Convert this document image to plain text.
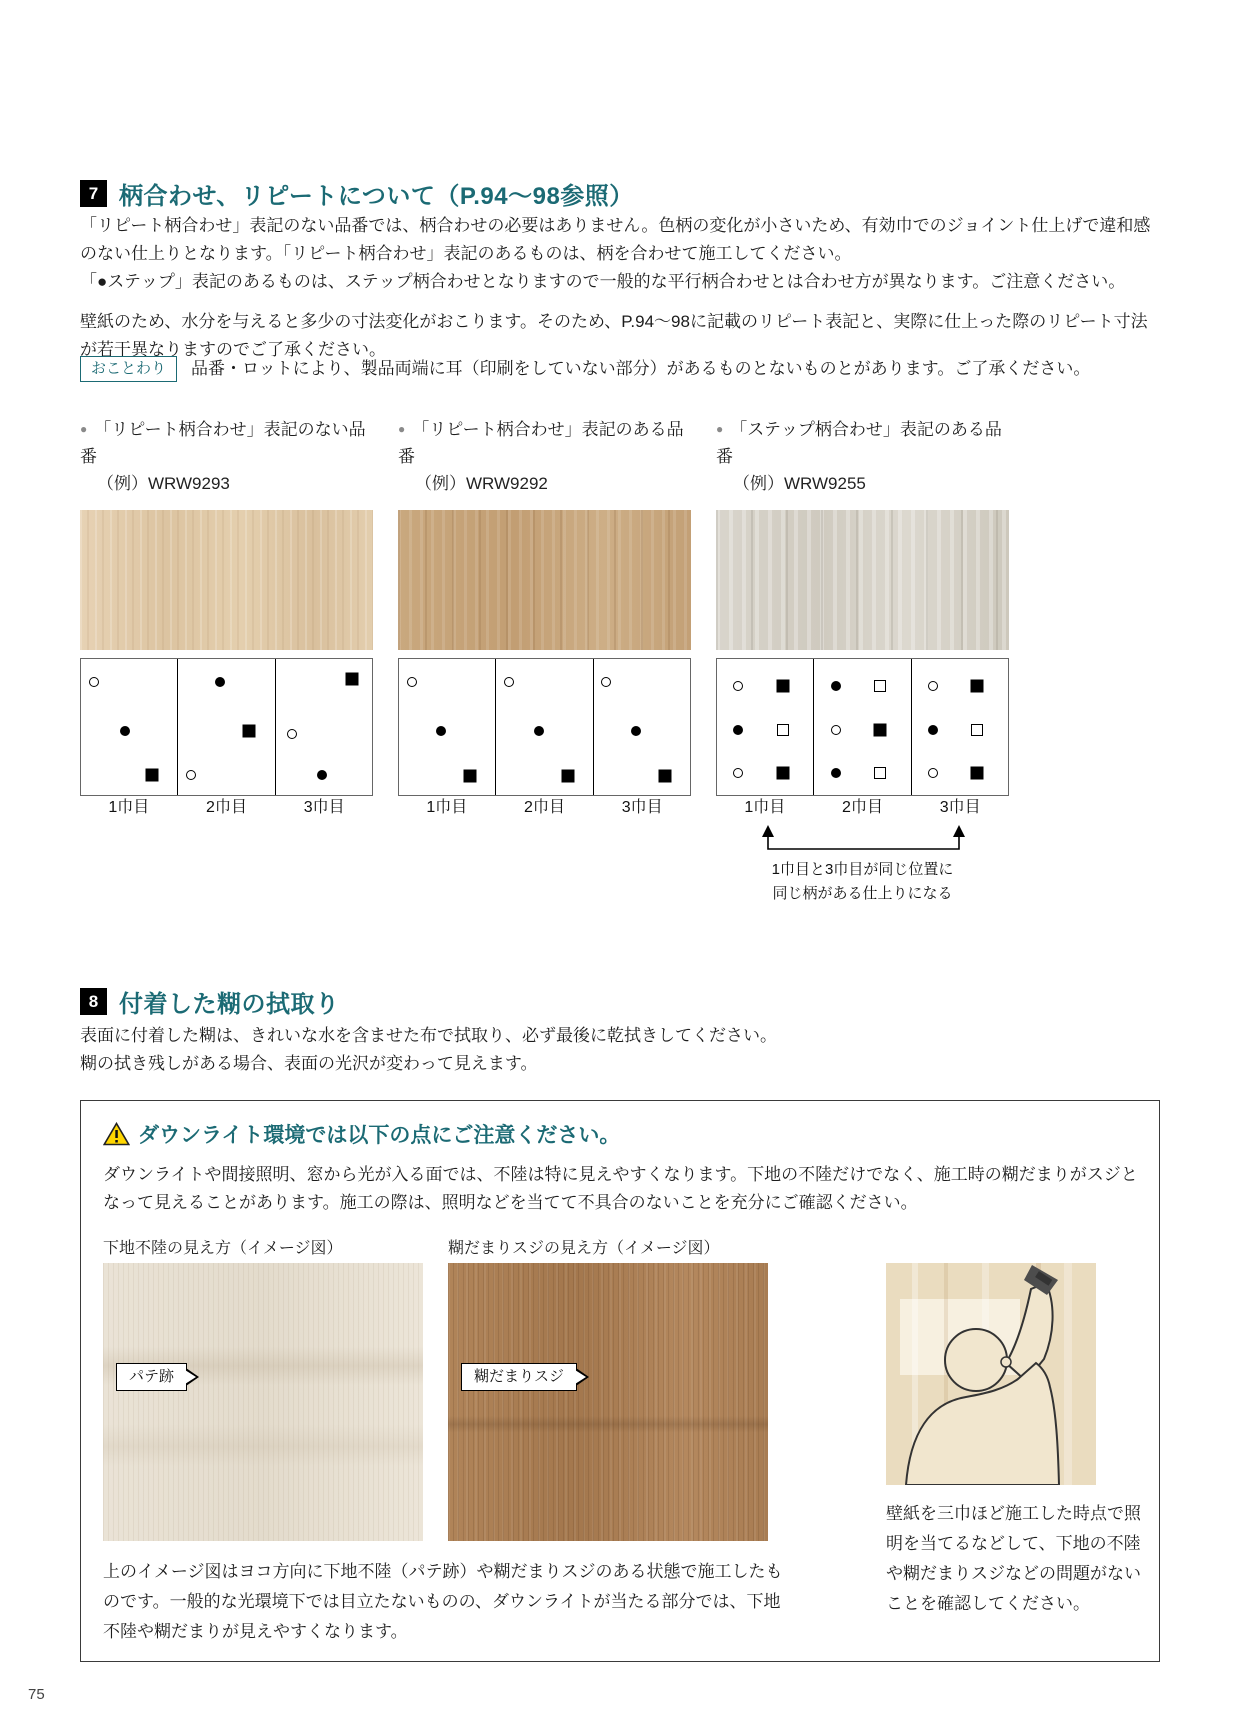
7 柄合わせ、リピートについて（P.94～98参照）
「リピート柄合わせ」表記のない品番では、柄合わせの必要はありません。色柄の変化が小さいため、有効巾でのジョイント仕上げで違和感のない仕上りとなります。「リピート柄合わせ」表記のあるものは、柄を合わせて施工してください。
「●ステップ」表記のあるものは、ステップ柄合わせとなりますので一般的な平行柄合わせとは合わせ方が異なります。ご注意ください。
壁紙のため、水分を与えると多少の寸法変化がおこります。そのため、P.94～98に記載のリピート表記と、実際に仕上った際のリピート寸法が若干異なりますのでご了承ください。
おことわり	品番・ロットにより、製品両端に耳（印刷をしていない部分）があるものとないものとがあります。ご了承ください。
● 「リピート柄合わせ」表記のない品番
（例）WRW9293
1巾目	2巾目	3巾目
● 「リピート柄合わせ」表記のある品番
（例）WRW9292
1巾目	2巾目	3巾目
● 「ステップ柄合わせ」表記のある品番
（例）WRW9255
1巾目	2巾目	3巾目
1巾目と3巾目が同じ位置に
同じ柄がある仕上りになる
8 付着した糊の拭取り
表面に付着した糊は、きれいな水を含ませた布で拭取り、必ず最後に乾拭きしてください。
糊の拭き残しがある場合、表面の光沢が変わって見えます。
ダウンライト環境では以下の点にご注意ください。
ダウンライトや間接照明、窓から光が入る面では、不陸は特に見えやすくなります。下地の不陸だけでなく、施工時の糊だまりがスジとなって見えることがあります。施工の際は、照明などを当てて不具合のないことを充分にご確認ください。
下地不陸の見え方（イメージ図）	糊だまりスジの見え方（イメージ図）
パテ跡	糊だまりスジ
壁紙を三巾ほど施工した時点で照明を当てるなどして、下地の不陸や糊だまりスジなどの問題がないことを確認してください。
上のイメージ図はヨコ方向に下地不陸（パテ跡）や糊だまりスジのある状態で施工したものです。一般的な光環境下では目立たないものの、ダウンライトが当たる部分では、下地不陸や糊だまりが見えやすくなります。
75
